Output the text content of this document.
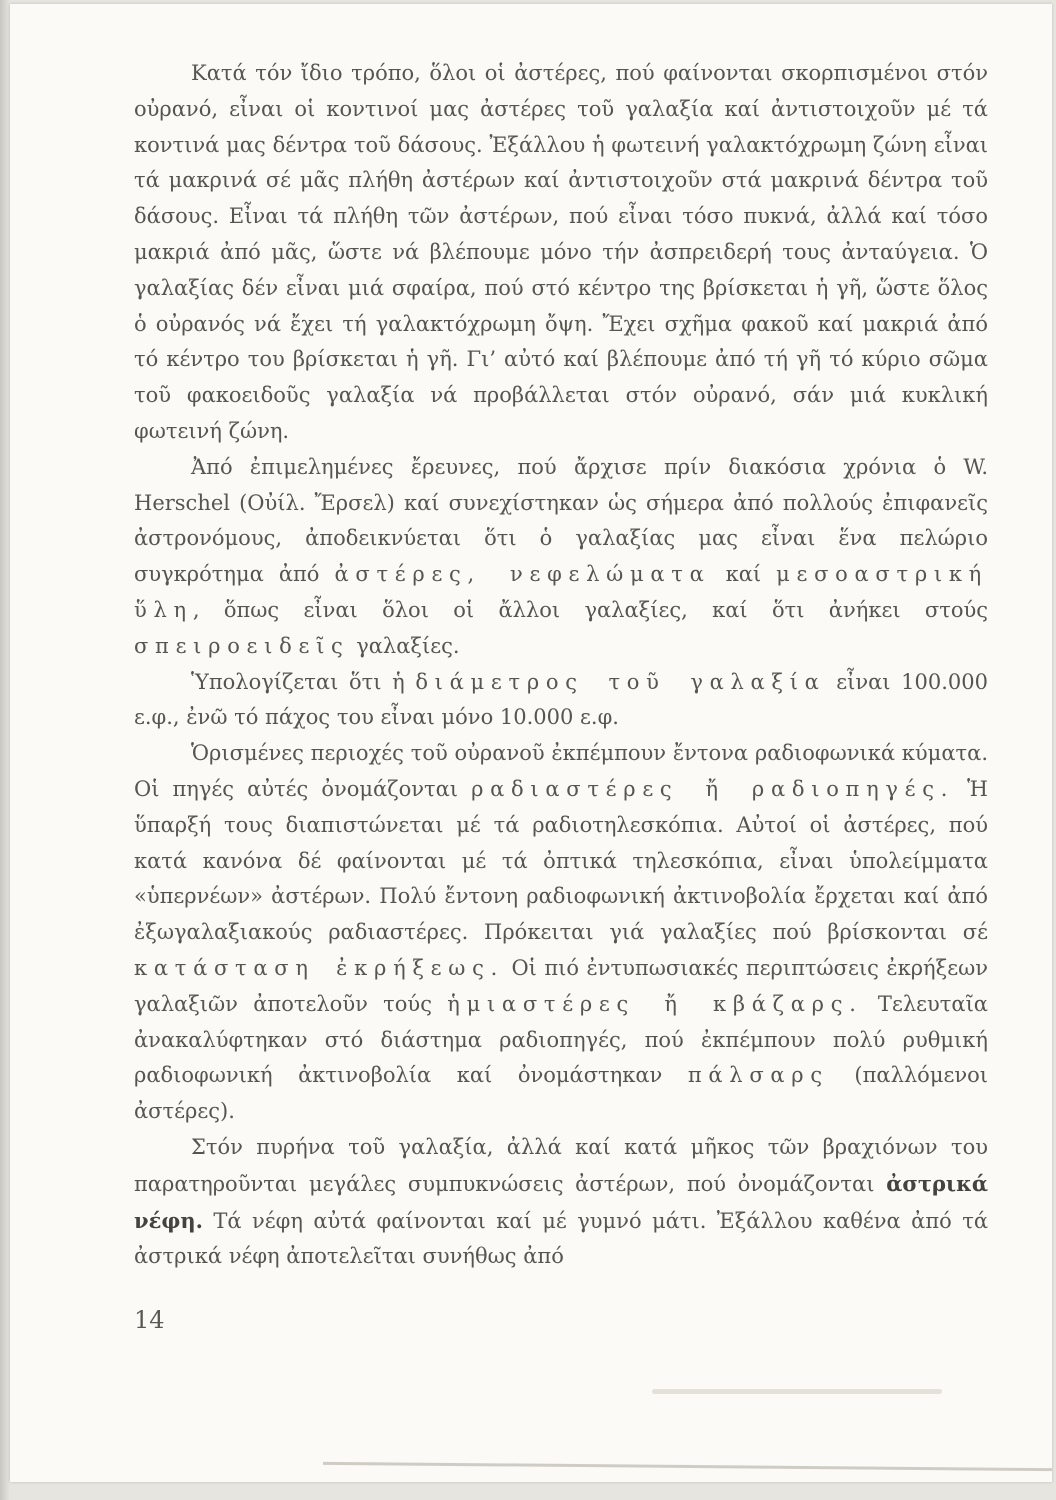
Κατά τόν ἴδιο τρόπο, ὅλοι οἱ ἀστέρες, πού φαίνονται σκορπισμένοι στόν οὐρανό, εἶναι οἱ κοντινοί μας ἀστέρες τοῦ γαλαξία καί ἀντιστοιχοῦν μέ τά κοντινά μας δέντρα τοῦ δάσους. Ἐξάλλου ἡ φωτεινή γαλακτόχρωμη ζώνη εἶναι τά μακρινά σέ μᾶς πλήθη ἀστέρων καί ἀντιστοιχοῦν στά μακρινά δέντρα τοῦ δάσους. Εἶναι τά πλήθη τῶν ἀστέρων, πού εἶναι τόσο πυκνά, ἀλλά καί τόσο μακριά ἀπό μᾶς, ὥστε νά βλέπουμε μόνο τήν ἀσπρειδερή τους ἀνταύγεια. Ὁ γαλαξίας δέν εἶναι μιά σφαίρα, πού στό κέντρο της βρίσκεται ἡ γῆ, ὥστε ὅλος ὁ οὐρανός νά ἔχει τή γαλακτόχρωμη ὄψη. Ἔχει σχῆμα φακοῦ καί μακριά ἀπό τό κέντρο του βρίσκεται ἡ γῆ. Γι’ αὐτό καί βλέπουμε ἀπό τή γῆ τό κύριο σῶμα τοῦ φακοειδοῦς γαλαξία νά προβάλλεται στόν οὐρανό, σάν μιά κυκλική φωτεινή ζώνη.

Ἀπό ἐπιμελημένες ἔρευνες, πού ἄρχισε πρίν διακόσια χρόνια ὁ W. Herschel (Οὐίλ. Ἔρσελ) καί συνεχίστηκαν ὡς σήμερα ἀπό πολλούς ἐπιφανεῖς ἀστρονόμους, ἀποδεικνύεται ὅτι ὁ γαλαξίας μας εἶναι ἕνα πελώριο συγκρότημα ἀπό ἀστέρες, νεφελώματα καί μεσοαστρική ὕλη, ὅπως εἶναι ὅλοι οἱ ἄλλοι γαλαξίες, καί ὅτι ἀνήκει στούς σπειροειδεῖς γαλαξίες.

Ὑπολογίζεται ὅτι ἡ διάμετρος τοῦ γαλαξία εἶναι 100.000 ε.φ., ἐνῶ τό πάχος του εἶναι μόνο 10.000 ε.φ.

Ὁρισμένες περιοχές τοῦ οὐρανοῦ ἐκπέμπουν ἔντονα ραδιοφωνικά κύματα. Οἱ πηγές αὐτές ὀνομάζονται ραδιαστέρες ἤ ραδιοπηγές. Ἡ ὕπαρξή τους διαπιστώνεται μέ τά ραδιοτηλεσκόπια. Αὐτοί οἱ ἀστέρες, πού κατά κανόνα δέ φαίνονται μέ τά ὀπτικά τηλεσκόπια, εἶναι ὑπολείμματα «ὑπερνέων» ἀστέρων. Πολύ ἔντονη ραδιοφωνική ἀκτινοβολία ἔρχεται καί ἀπό ἐξωγαλαξιακούς ραδιαστέρες. Πρόκειται γιά γαλαξίες πού βρίσκονται σέ κατάσταση ἐκρήξεως. Οἱ πιό ἐντυπωσιακές περιπτώσεις ἐκρήξεων γαλαξιῶν ἀποτελοῦν τούς ἡμιαστέρες ἤ κβάζαρς. Τελευταῖα ἀνακαλύφτηκαν στό διάστημα ραδιοπηγές, πού ἐκπέμπουν πολύ ρυθμική ραδιοφωνική ἀκτινοβολία καί ὀνομάστηκαν πάλσαρς (παλλόμενοι ἀστέρες).

Στόν πυρήνα τοῦ γαλαξία, ἀλλά καί κατά μῆκος τῶν βραχιόνων του παρατηροῦνται μεγάλες συμπυκνώσεις ἀστέρων, πού ὀνομάζονται ἀστρικά νέφη. Τά νέφη αὐτά φαίνονται καί μέ γυμνό μάτι. Ἐξάλλου καθένα ἀπό τά ἀστρικά νέφη ἀποτελεῖται συνήθως ἀπό

14
